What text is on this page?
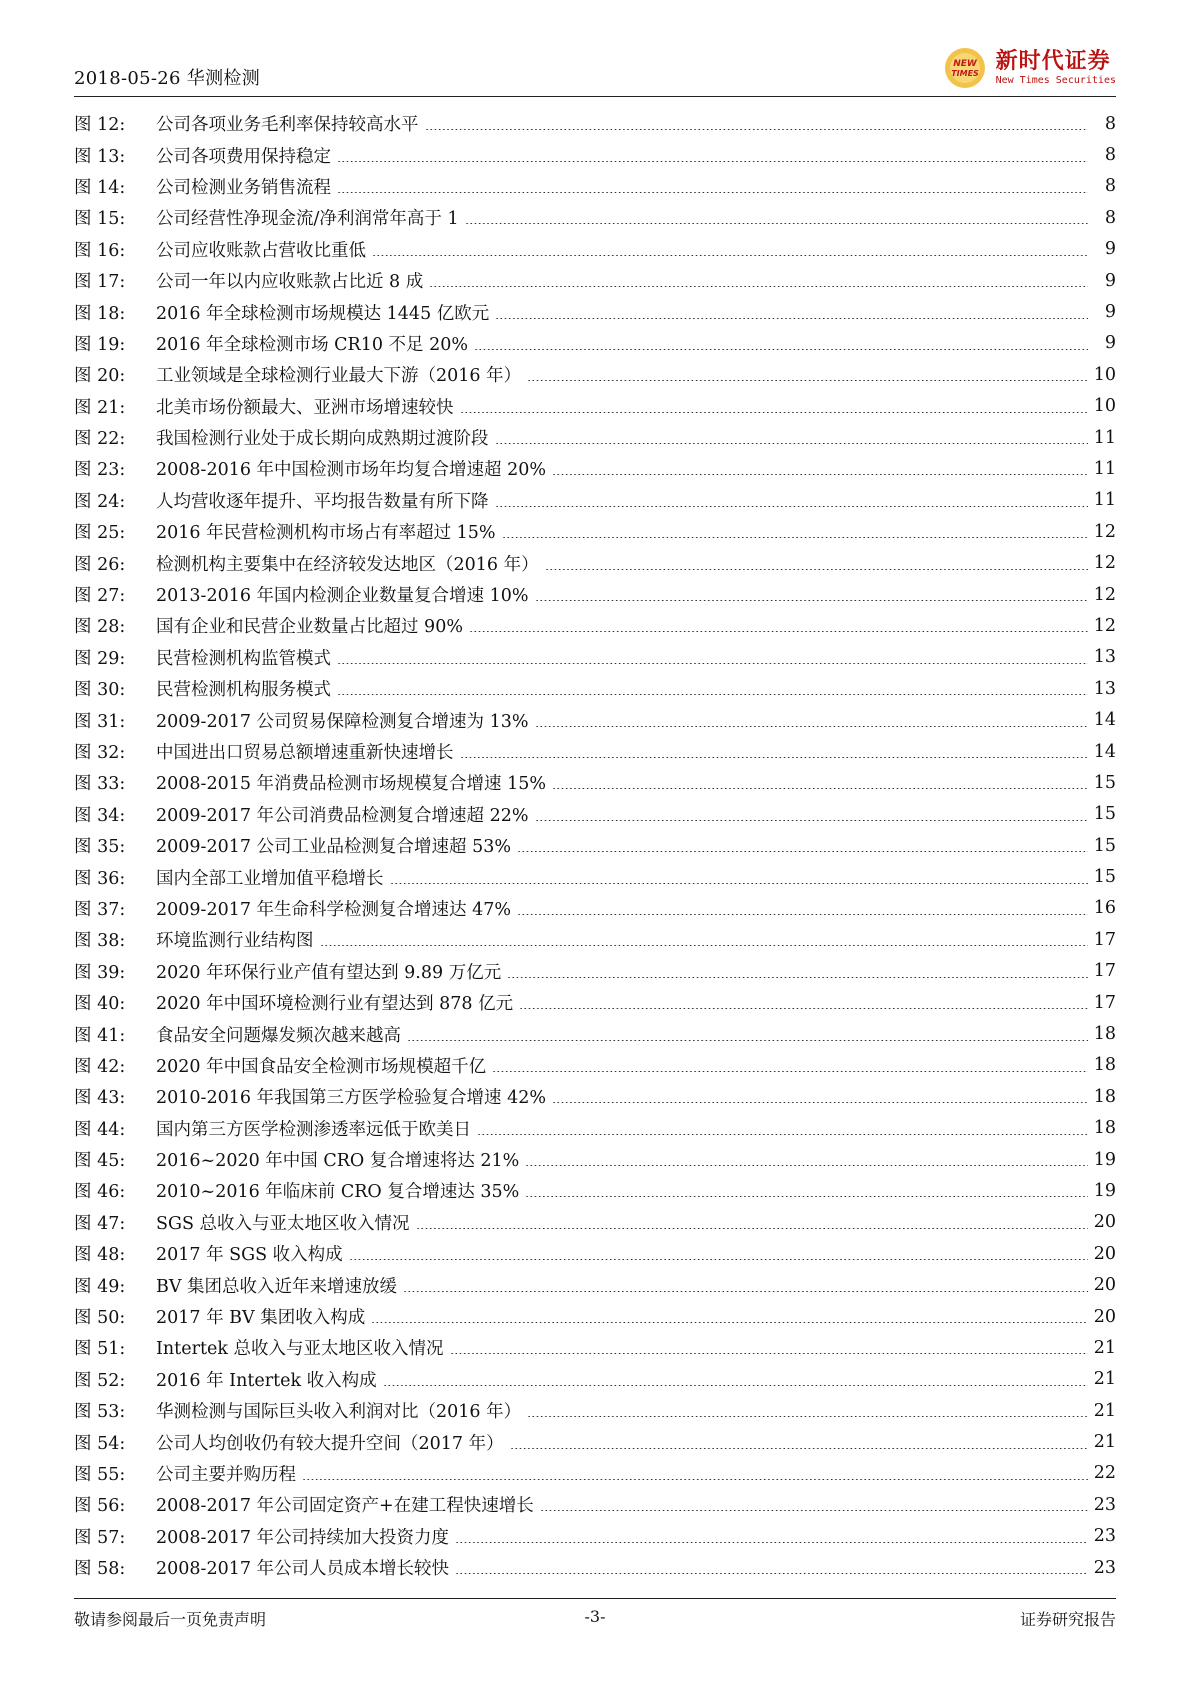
2018-05-26 华测检测
NEW
TIMES 新时代证券
New Times Securities
图 12:	公司各项业务毛利率保持较高水平	8
图 13:	公司各项费用保持稳定	8
图 14:	公司检测业务销售流程	8
图 15:	公司经营性净现金流/净利润常年高于 1	8
图 16:	公司应收账款占营收比重低	9
图 17:	公司一年以内应收账款占比近 8 成	9
图 18:	2016 年全球检测市场规模达 1445 亿欧元	9
图 19:	2016 年全球检测市场 CR10 不足 20%	9
图 20:	工业领域是全球检测行业最大下游（2016 年）	10
图 21:	北美市场份额最大、亚洲市场增速较快	10
图 22:	我国检测行业处于成长期向成熟期过渡阶段	11
图 23:	2008-2016 年中国检测市场年均复合增速超 20%	11
图 24:	人均营收逐年提升、平均报告数量有所下降	11
图 25:	2016 年民营检测机构市场占有率超过 15%	12
图 26:	检测机构主要集中在经济较发达地区（2016 年）	12
图 27:	2013-2016 年国内检测企业数量复合增速 10%	12
图 28:	国有企业和民营企业数量占比超过 90%	12
图 29:	民营检测机构监管模式	13
图 30:	民营检测机构服务模式	13
图 31:	2009-2017 公司贸易保障检测复合增速为 13%	14
图 32:	中国进出口贸易总额增速重新快速增长	14
图 33:	2008-2015 年消费品检测市场规模复合增速 15%	15
图 34:	2009-2017 年公司消费品检测复合增速超 22%	15
图 35:	2009-2017 公司工业品检测复合增速超 53%	15
图 36:	国内全部工业增加值平稳增长	15
图 37:	2009-2017 年生命科学检测复合增速达 47%	16
图 38:	环境监测行业结构图	17
图 39:	2020 年环保行业产值有望达到 9.89 万亿元	17
图 40:	2020 年中国环境检测行业有望达到 878 亿元	17
图 41:	食品安全问题爆发频次越来越高	18
图 42:	2020 年中国食品安全检测市场规模超千亿	18
图 43:	2010-2016 年我国第三方医学检验复合增速 42%	18
图 44:	国内第三方医学检测渗透率远低于欧美日	18
图 45:	2016~2020 年中国 CRO 复合增速将达 21%	19
图 46:	2010~2016 年临床前 CRO 复合增速达 35%	19
图 47:	SGS 总收入与亚太地区收入情况	20
图 48:	2017 年 SGS 收入构成	20
图 49:	BV 集团总收入近年来增速放缓	20
图 50:	2017 年 BV 集团收入构成	20
图 51:	Intertek 总收入与亚太地区收入情况	21
图 52:	2016 年 Intertek 收入构成	21
图 53:	华测检测与国际巨头收入利润对比（2016 年）	21
图 54:	公司人均创收仍有较大提升空间（2017 年）	21
图 55:	公司主要并购历程	22
图 56:	2008-2017 年公司固定资产+在建工程快速增长	23
图 57:	2008-2017 年公司持续加大投资力度	23
图 58:	2008-2017 年公司人员成本增长较快	23
敬请参阅最后一页免责声明	-3-	证券研究报告
